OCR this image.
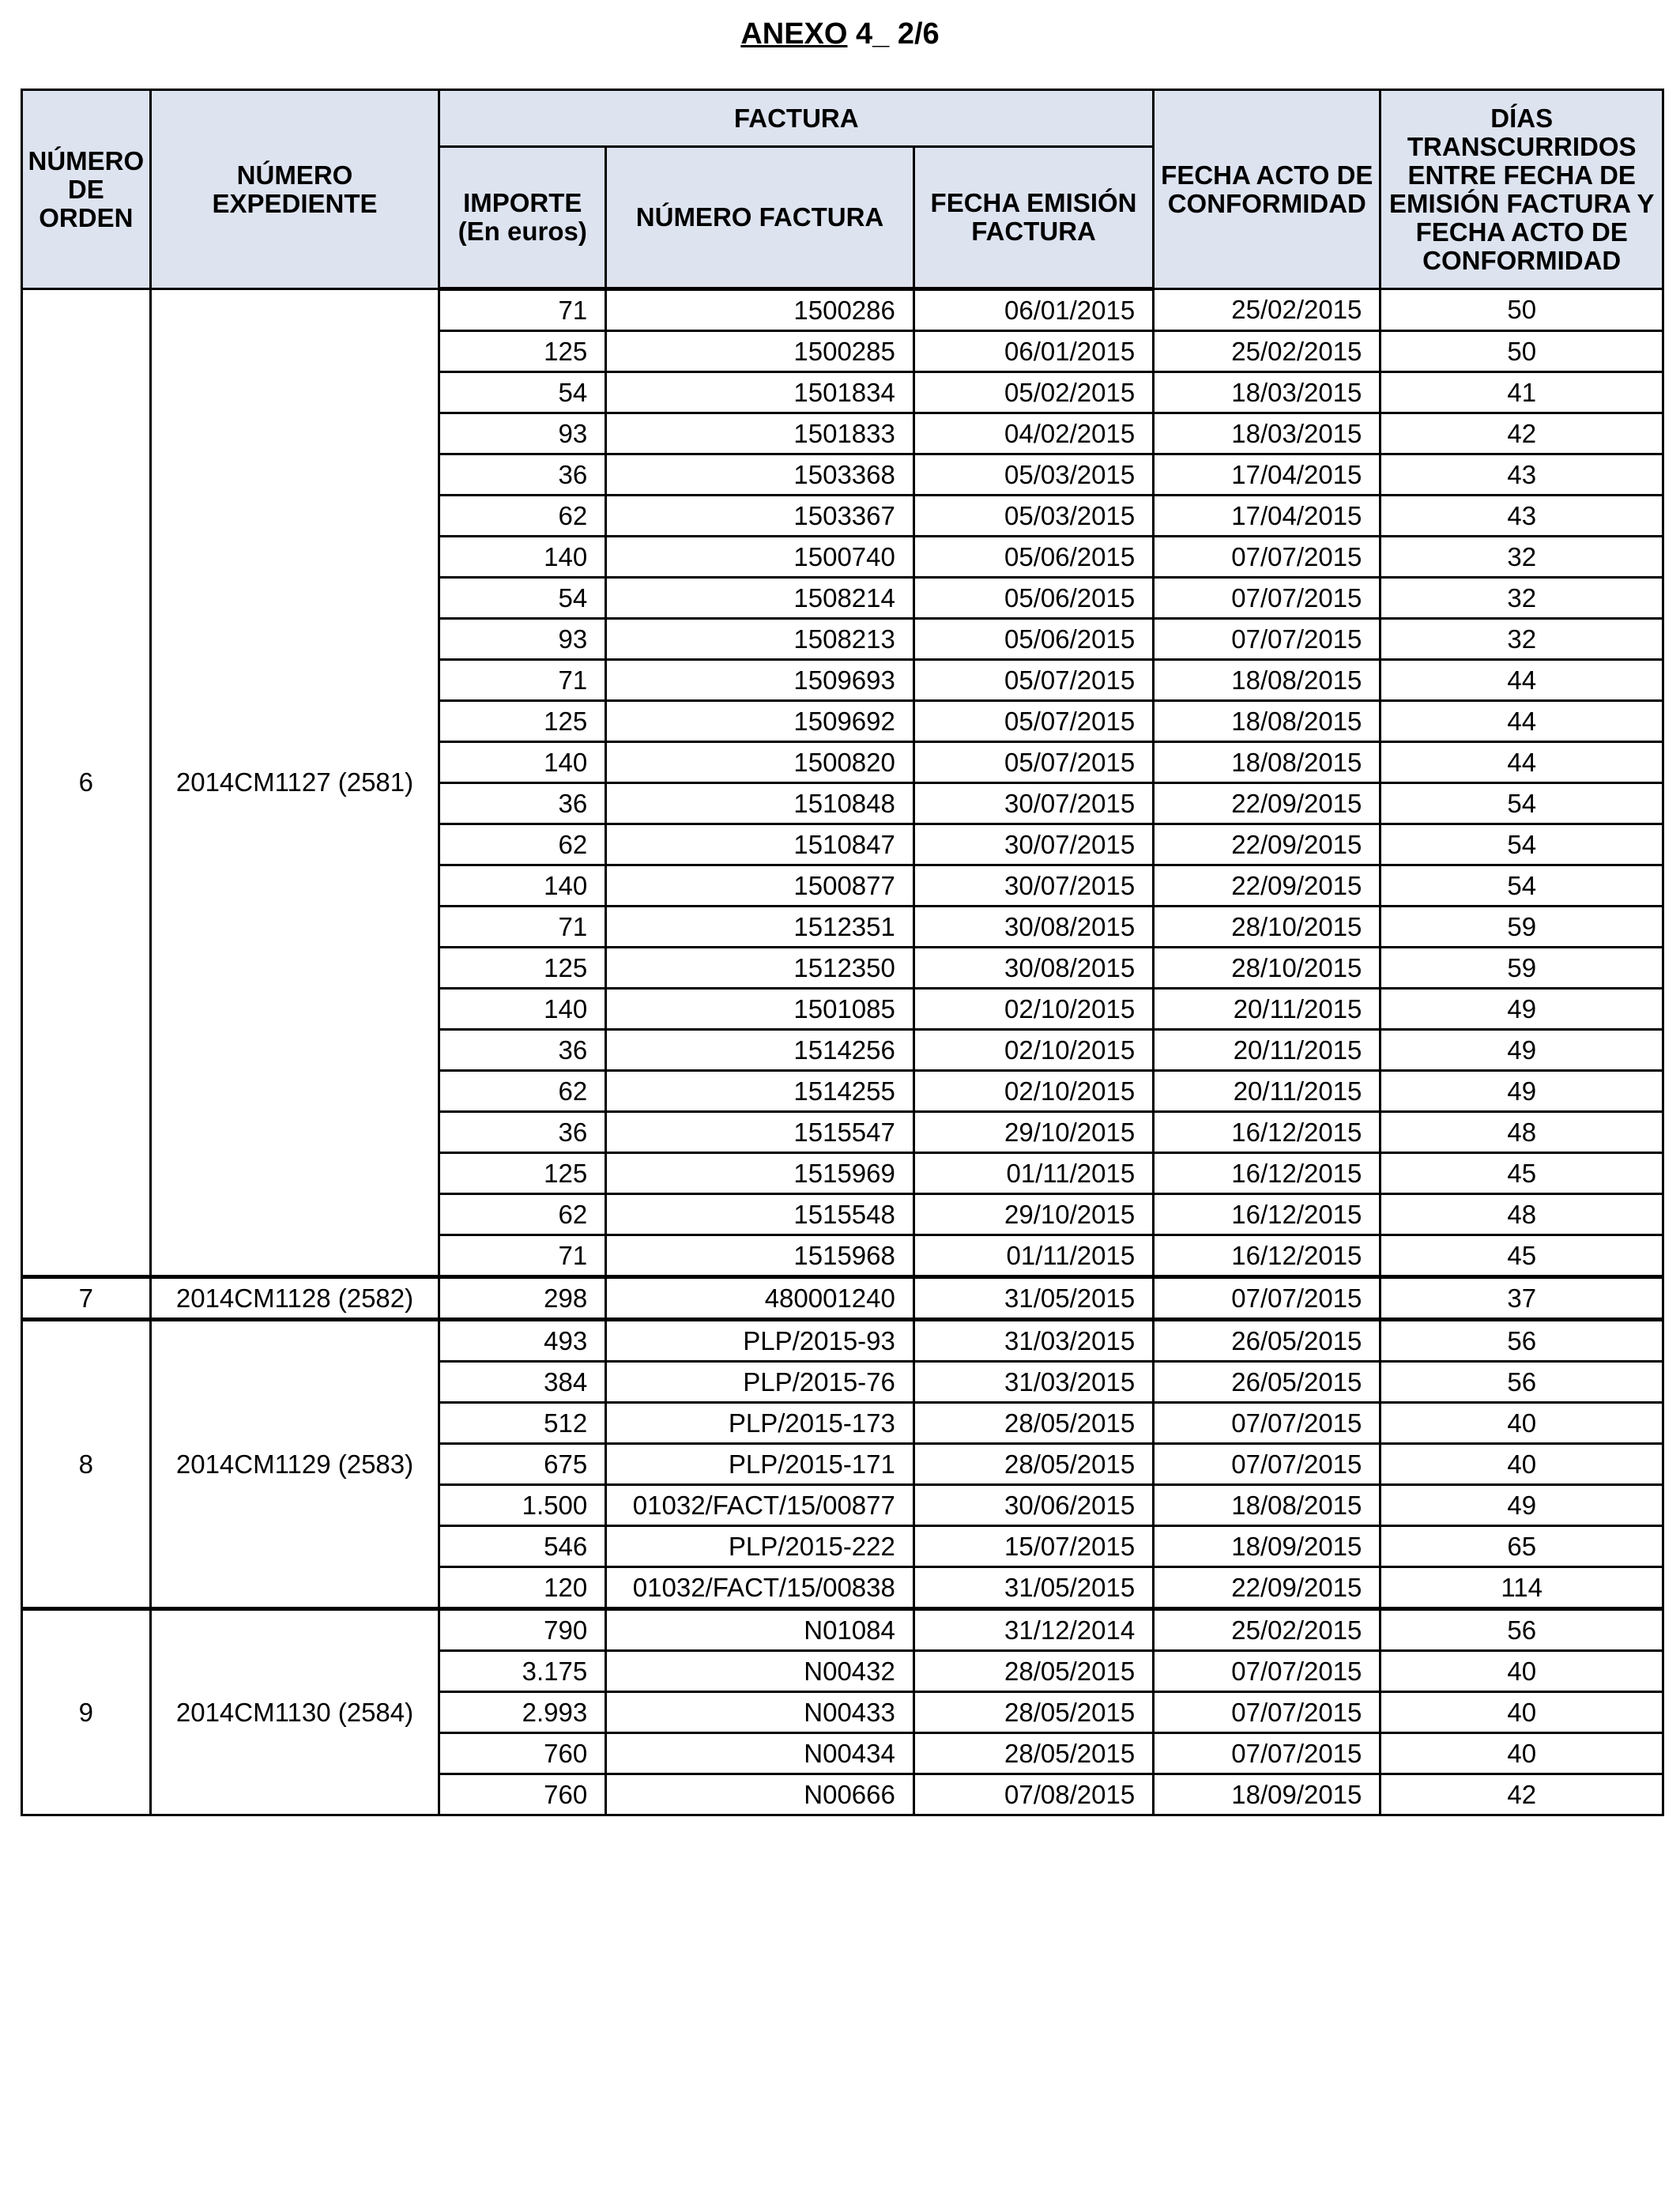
ANEXO 4_ 2/6
NÚMERO DE ORDEN	NÚMERO EXPEDIENTE	FACTURA			FECHA ACTO DE CONFORMIDAD	DÍAS TRANSCURRIDOS ENTRE FECHA DE EMISIÓN FACTURA Y FECHA ACTO DE CONFORMIDAD
		IMPORTE (En euros)	NÚMERO FACTURA	FECHA EMISIÓN FACTURA		
6	2014CM1127 (2581)	71	1500286	06/01/2015	25/02/2015	50
		125	1500285	06/01/2015	25/02/2015	50
		54	1501834	05/02/2015	18/03/2015	41
		93	1501833	04/02/2015	18/03/2015	42
		36	1503368	05/03/2015	17/04/2015	43
		62	1503367	05/03/2015	17/04/2015	43
		140	1500740	05/06/2015	07/07/2015	32
		54	1508214	05/06/2015	07/07/2015	32
		93	1508213	05/06/2015	07/07/2015	32
		71	1509693	05/07/2015	18/08/2015	44
		125	1509692	05/07/2015	18/08/2015	44
		140	1500820	05/07/2015	18/08/2015	44
		36	1510848	30/07/2015	22/09/2015	54
		62	1510847	30/07/2015	22/09/2015	54
		140	1500877	30/07/2015	22/09/2015	54
		71	1512351	30/08/2015	28/10/2015	59
		125	1512350	30/08/2015	28/10/2015	59
		140	1501085	02/10/2015	20/11/2015	49
		36	1514256	02/10/2015	20/11/2015	49
		62	1514255	02/10/2015	20/11/2015	49
		36	1515547	29/10/2015	16/12/2015	48
		125	1515969	01/11/2015	16/12/2015	45
		62	1515548	29/10/2015	16/12/2015	48
		71	1515968	01/11/2015	16/12/2015	45
7	2014CM1128 (2582)	298	480001240	31/05/2015	07/07/2015	37
8	2014CM1129 (2583)	493	PLP/2015-93	31/03/2015	26/05/2015	56
		384	PLP/2015-76	31/03/2015	26/05/2015	56
		512	PLP/2015-173	28/05/2015	07/07/2015	40
		675	PLP/2015-171	28/05/2015	07/07/2015	40
		1.500	01032/FACT/15/00877	30/06/2015	18/08/2015	49
		546	PLP/2015-222	15/07/2015	18/09/2015	65
		120	01032/FACT/15/00838	31/05/2015	22/09/2015	114
9	2014CM1130 (2584)	790	N01084	31/12/2014	25/02/2015	56
		3.175	N00432	28/05/2015	07/07/2015	40
		2.993	N00433	28/05/2015	07/07/2015	40
		760	N00434	28/05/2015	07/07/2015	40
		760	N00666	07/08/2015	18/09/2015	42
